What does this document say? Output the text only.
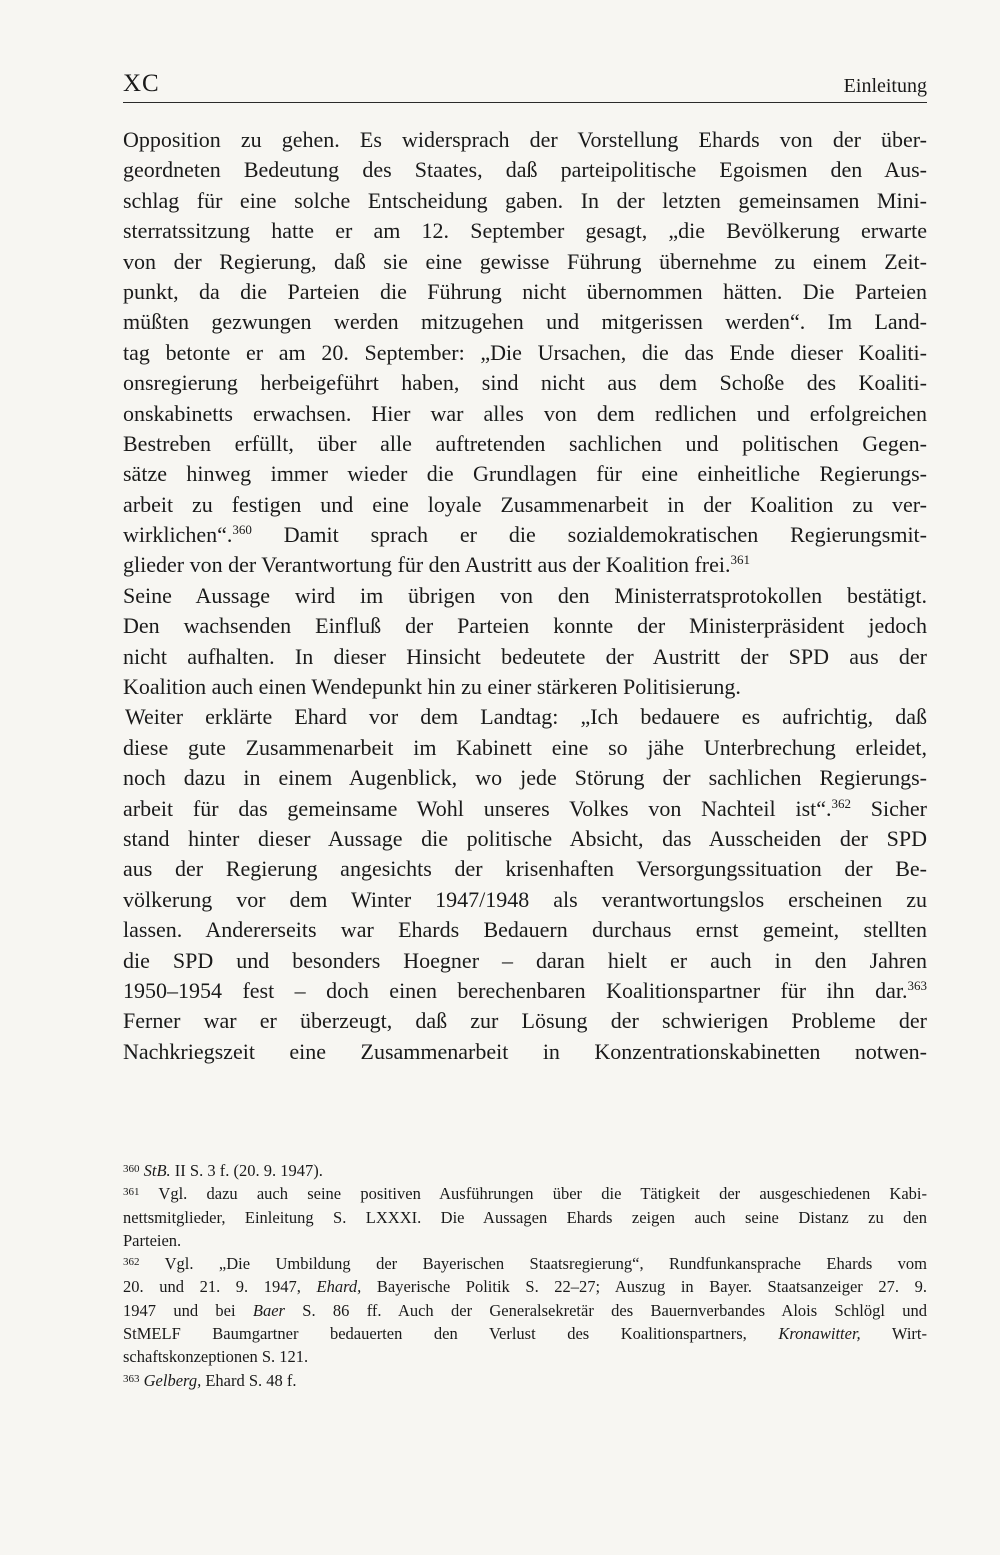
XC	Einleitung
Opposition zu gehen. Es widersprach der Vorstellung Ehards von der über-
geordneten Bedeutung des Staates, daß parteipolitische Egoismen den Aus-
schlag für eine solche Entscheidung gaben. In der letzten gemeinsamen Mini-
sterratssitzung hatte er am 12. September gesagt, „die Bevölkerung erwarte
von der Regierung, daß sie eine gewisse Führung übernehme zu einem Zeit-
punkt, da die Parteien die Führung nicht übernommen hätten. Die Parteien
müßten gezwungen werden mitzugehen und mitgerissen werden“. Im Land-
tag betonte er am 20. September: „Die Ursachen, die das Ende dieser Koaliti-
onsregierung herbeigeführt haben, sind nicht aus dem Schoße des Koaliti-
onskabinetts erwachsen. Hier war alles von dem redlichen und erfolgreichen
Bestreben erfüllt, über alle auftretenden sachlichen und politischen Gegen-
sätze hinweg immer wieder die Grundlagen für eine einheitliche Regierungs-
arbeit zu festigen und eine loyale Zusammenarbeit in der Koalition zu ver-
wirklichen“.$^{360}$ Damit sprach er die sozialdemokratischen Regierungsmit-
glieder von der Verantwortung für den Austritt aus der Koalition frei.$^{361}$
Seine Aussage wird im übrigen von den Ministerratsprotokollen bestätigt.
Den wachsenden Einfluß der Parteien konnte der Ministerpräsident jedoch
nicht aufhalten. In dieser Hinsicht bedeutete der Austritt der SPD aus der
Koalition auch einen Wendepunkt hin zu einer stärkeren Politisierung.
Weiter erklärte Ehard vor dem Landtag: „Ich bedauere es aufrichtig, daß
diese gute Zusammenarbeit im Kabinett eine so jähe Unterbrechung erleidet,
noch dazu in einem Augenblick, wo jede Störung der sachlichen Regierungs-
arbeit für das gemeinsame Wohl unseres Volkes von Nachteil ist“.$^{362}$ Sicher
stand hinter dieser Aussage die politische Absicht, das Ausscheiden der SPD
aus der Regierung angesichts der krisenhaften Versorgungssituation der Be-
völkerung vor dem Winter 1947/1948 als verantwortungslos erscheinen zu
lassen. Andererseits war Ehards Bedauern durchaus ernst gemeint, stellten
die SPD und besonders Hoegner – daran hielt er auch in den Jahren
1950–1954 fest – doch einen berechenbaren Koalitionspartner für ihn dar.$^{363}$
Ferner war er überzeugt, daß zur Lösung der schwierigen Probleme der
Nachkriegszeit eine Zusammenarbeit in Konzentrationskabinetten notwen-
$^{360}$ StB. II S. 3 f. (20. 9. 1947).
$^{361}$ Vgl. dazu auch seine positiven Ausführungen über die Tätigkeit der ausgeschiedenen Kabi-
nettsmitglieder, Einleitung S. LXXXI. Die Aussagen Ehards zeigen auch seine Distanz zu den
Parteien.
$^{362}$ Vgl. „Die Umbildung der Bayerischen Staatsregierung“, Rundfunkansprache Ehards vom
20. und 21. 9. 1947, Ehard, Bayerische Politik S. 22–27; Auszug in Bayer. Staatsanzeiger 27. 9.
1947 und bei Baer S. 86 ff. Auch der Generalsekretär des Bauernverbandes Alois Schlögl und
StMELF Baumgartner bedauerten den Verlust des Koalitionspartners, Kronawitter, Wirt-
schaftskonzeptionen S. 121.
$^{363}$ Gelberg, Ehard S. 48 f.
